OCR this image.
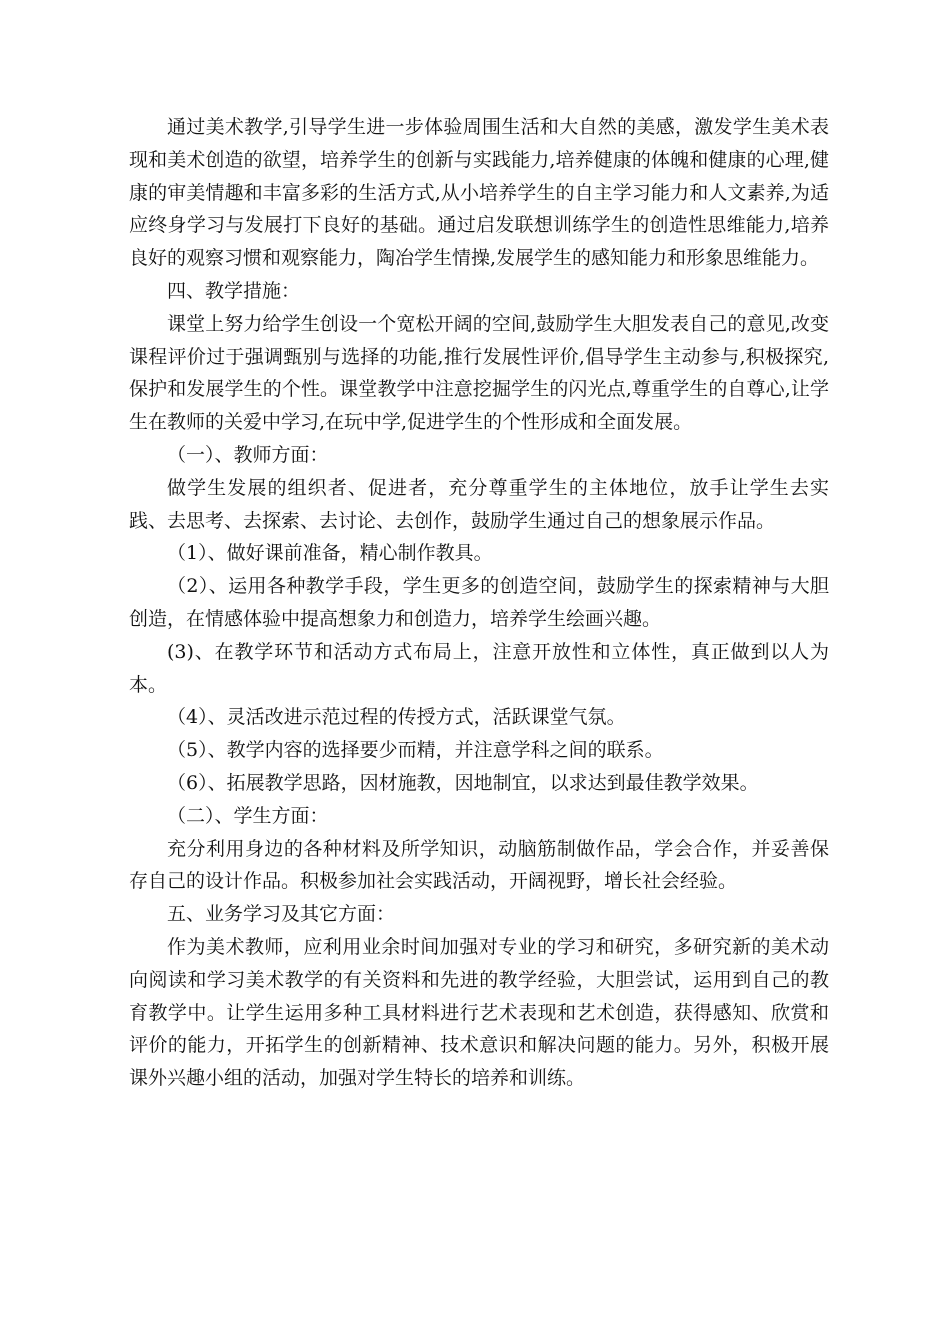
通过美术教学,引导学生进一步体验周围生活和大自然的美感，激发学生美术表现和美术创造的欲望，培养学生的创新与实践能力,培养健康的体魄和健康的心理,健康的审美情趣和丰富多彩的生活方式,从小培养学生的自主学习能力和人文素养,为适应终身学习与发展打下良好的基础。通过启发联想训练学生的创造性思维能力,培养良好的观察习惯和观察能力，陶冶学生情操,发展学生的感知能力和形象思维能力。

四、教学措施：

课堂上努力给学生创设一个宽松开阔的空间,鼓励学生大胆发表自己的意见,改变课程评价过于强调甄别与选择的功能,推行发展性评价,倡导学生主动参与,积极探究,保护和发展学生的个性。课堂教学中注意挖掘学生的闪光点,尊重学生的自尊心,让学生在教师的关爱中学习,在玩中学,促进学生的个性形成和全面发展。

（一）、教师方面：

做学生发展的组织者、促进者，充分尊重学生的主体地位，放手让学生去实践、去思考、去探索、去讨论、去创作，鼓励学生通过自己的想象展示作品。

（1）、做好课前准备，精心制作教具。

（2）、运用各种教学手段，学生更多的创造空间，鼓励学生的探索精神与大胆创造，在情感体验中提高想象力和创造力，培养学生绘画兴趣。

(3)、在教学环节和活动方式布局上，注意开放性和立体性，真正做到以人为本。

（4）、灵活改进示范过程的传授方式，活跃课堂气氛。

（5）、教学内容的选择要少而精，并注意学科之间的联系。

（6）、拓展教学思路，因材施教，因地制宜，以求达到最佳教学效果。

（二）、学生方面：

充分利用身边的各种材料及所学知识，动脑筋制做作品，学会合作，并妥善保存自己的设计作品。积极参加社会实践活动，开阔视野，增长社会经验。

五、业务学习及其它方面：

作为美术教师，应利用业余时间加强对专业的学习和研究，多研究新的美术动向阅读和学习美术教学的有关资料和先进的教学经验，大胆尝试，运用到自己的教育教学中。让学生运用多种工具材料进行艺术表现和艺术创造，获得感知、欣赏和评价的能力，开拓学生的创新精神、技术意识和解决问题的能力。另外，积极开展课外兴趣小组的活动，加强对学生特长的培养和训练。
